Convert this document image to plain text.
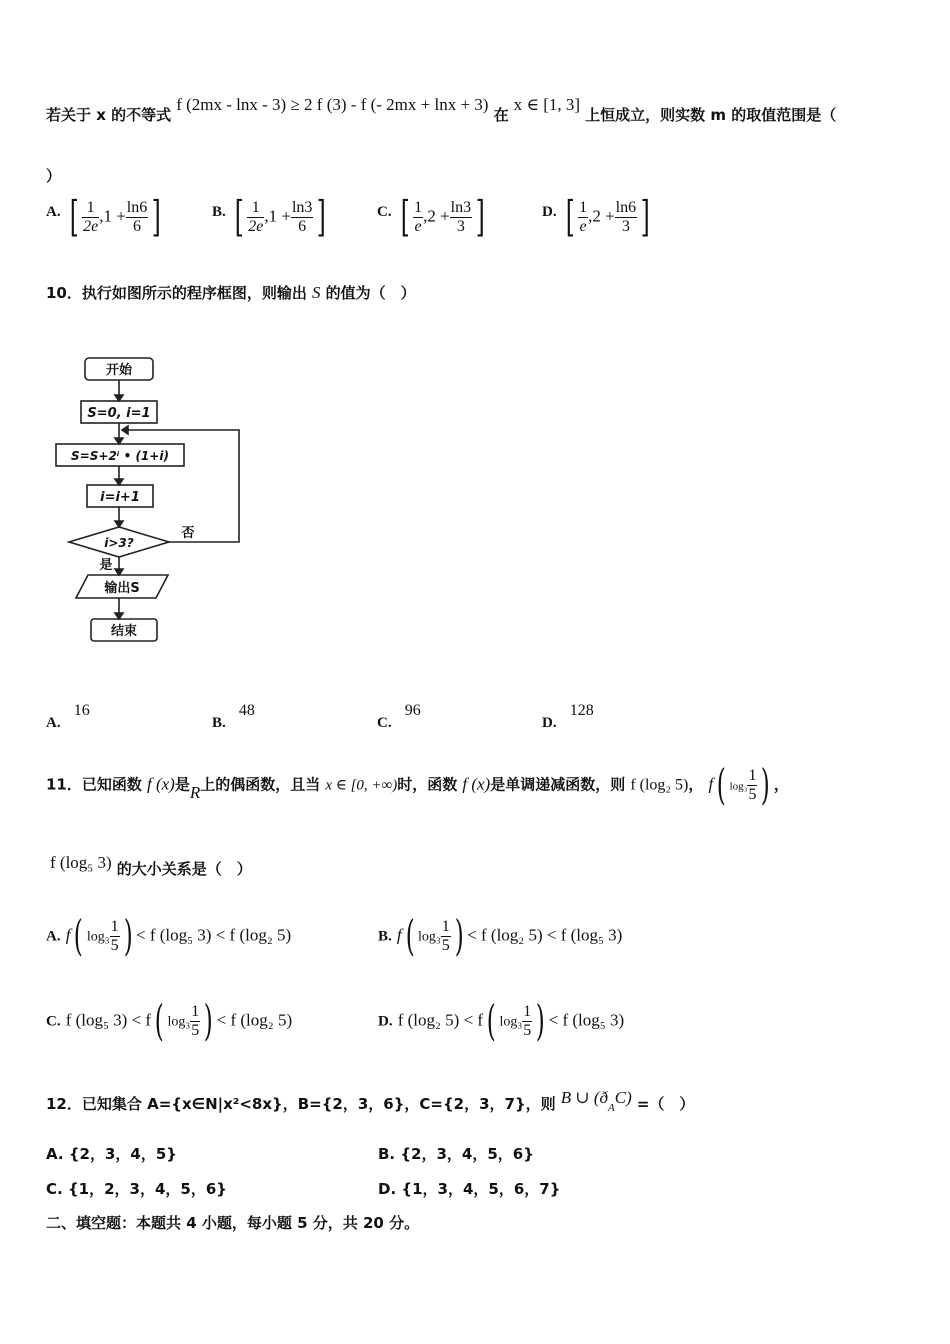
若关于 x 的不等式 f (2mx - lnx - 3) ≥ 2 f (3) - f (- 2mx + lnx + 3) 在 x ∈ [1, 3] 上恒成立，则实数 m 的取值范围是（
）
A. [ $\frac{1}{2e} ,1 + \frac{\ln 6}{6}$ ]	B. [ $\frac{1}{2e} ,1 + \frac{\ln 3}{6}$ ]	C. [ $\frac{1}{e} ,2 + \frac{\ln 3}{3}$ ]	D. [ $\frac{1}{e} ,2 + \frac{\ln 6}{3}$ ]
10．执行如图所示的程序框图，则输出 S 的值为（　）
开始
S=0, i=1
S=S+2ⁱ • (1+i)
i=i+1
i>3?
否
是
输出S
结束
A. 16
B. 48
C. 96
D. 128
11．已知函数 f (x)是R上的偶函数，且当 x ∈ [0, +∞)时，函数 f (x)是单调递减函数，则 f (log₂ 5)， f( $\log_3 \frac{1}{5}$ ) ，
f (log₅ 3) 的大小关系是（　）
A. f( $\log_3 \frac{1}{5}$ ) < f (log₅ 3) < f (log₂ 5)	B. f( $\log_3 \frac{1}{5}$ ) < f (log₂ 5) < f (log₅ 3)
C. f (log₅ 3) < f( $\log_3 \frac{1}{5}$ ) < f (log₂ 5)	D. f (log₂ 5) < f( $\log_3 \frac{1}{5}$ ) < f (log₅ 3)
12．已知集合 A={x∈N|x²<8x}，B={2，3，6}，C={2，3，7}，则 B ∪ (ðAC) =（　）
A. {2，3，4，5}	B. {2，3，4，5，6}
C. {1，2，3，4，5，6}	D. {1，3，4，5，6，7}
二、填空题：本题共 4 小题，每小题 5 分，共 20 分。
